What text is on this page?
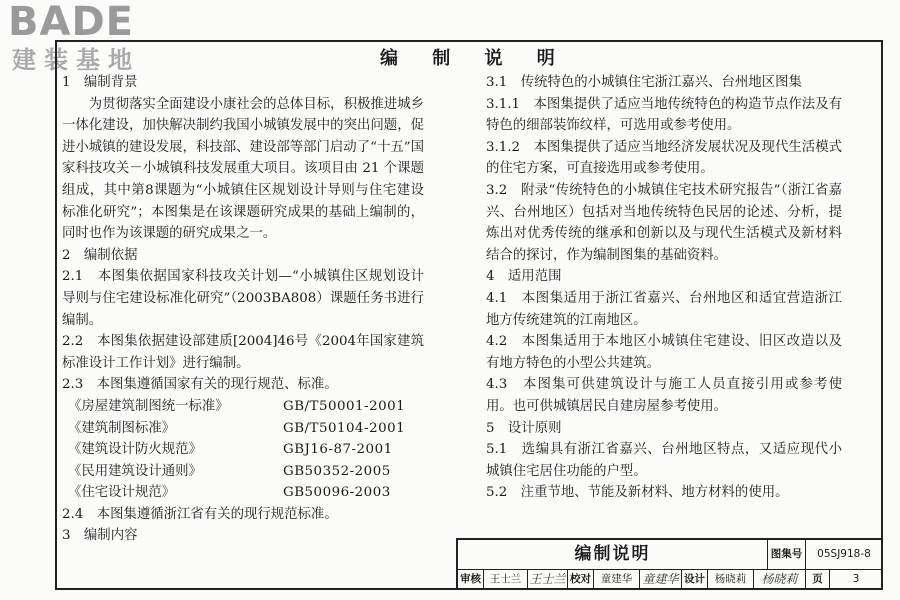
BADE
建装基地	编 制 说 明

1　编制背景

为贯彻落实全面建设小康社会的总体目标，积极推进城乡一体化建设，加快解决制约我国小城镇发展中的突出问题，促进小城镇的建设发展，科技部、建设部等部门启动了“十五”国家科技攻关－小城镇科技发展重大项目。该项目由 21 个课题组成，其中第8课题为“小城镇住区规划设计导则与住宅建设标准化研究”；本图集是在该课题研究成果的基础上编制的，同时也作为该课题的研究成果之一。

2　编制依据

2.1　本图集依据国家科技攻关计划—“小城镇住区规划设计导则与住宅建设标准化研究”（2003BA808）课题任务书进行编制。

2.2　本图集依据建设部建质[2004]46号《2004年国家建筑标准设计工作计划》进行编制。

2.3　本图集遵循国家有关的现行规范、标准。

《房屋建筑制图统一标准》	GB/T50001-2001
《建筑制图标准》	GB/T50104-2001
《建筑设计防火规范》	GBJ16-87-2001
《民用建筑设计通则》	GB50352-2005
《住宅设计规范》	GB50096-2003

2.4　本图集遵循浙江省有关的现行规范标准。

3　编制内容

3.1　传统特色的小城镇住宅浙江嘉兴、台州地区图集

3.1.1　本图集提供了适应当地传统特色的构造节点作法及有特色的细部装饰纹样，可选用或参考使用。

3.1.2　本图集提供了适应当地经济发展状况及现代生活模式的住宅方案，可直接选用或参考使用。

3.2　附录“传统特色的小城镇住宅技术研究报告”（浙江省嘉兴、台州地区）包括对当地传统特色民居的论述、分析，提炼出对优秀传统的继承和创新以及与现代生活模式及新材料结合的探讨，作为编制图集的基础资料。

4　适用范围

4.1　本图集适用于浙江省嘉兴、台州地区和适宜营造浙江地方传统建筑的江南地区。

4.2　本图集适用于本地区小城镇住宅建设、旧区改造以及有地方特色的小型公共建筑。

4.3　本图集可供建筑设计与施工人员直接引用或参考使用。也可供城镇居民自建房屋参考使用。

5　设计原则

5.1　选编具有浙江省嘉兴、台州地区特点，又适应现代小城镇住宅居住功能的户型。

5.2　注重节地、节能及新材料、地方材料的使用。

编制说明	图集号	05SJ918-8
审核 王士兰 王士兰 校对 童建华 童建华 设计 杨晓莉	杨晓莉	页	3
